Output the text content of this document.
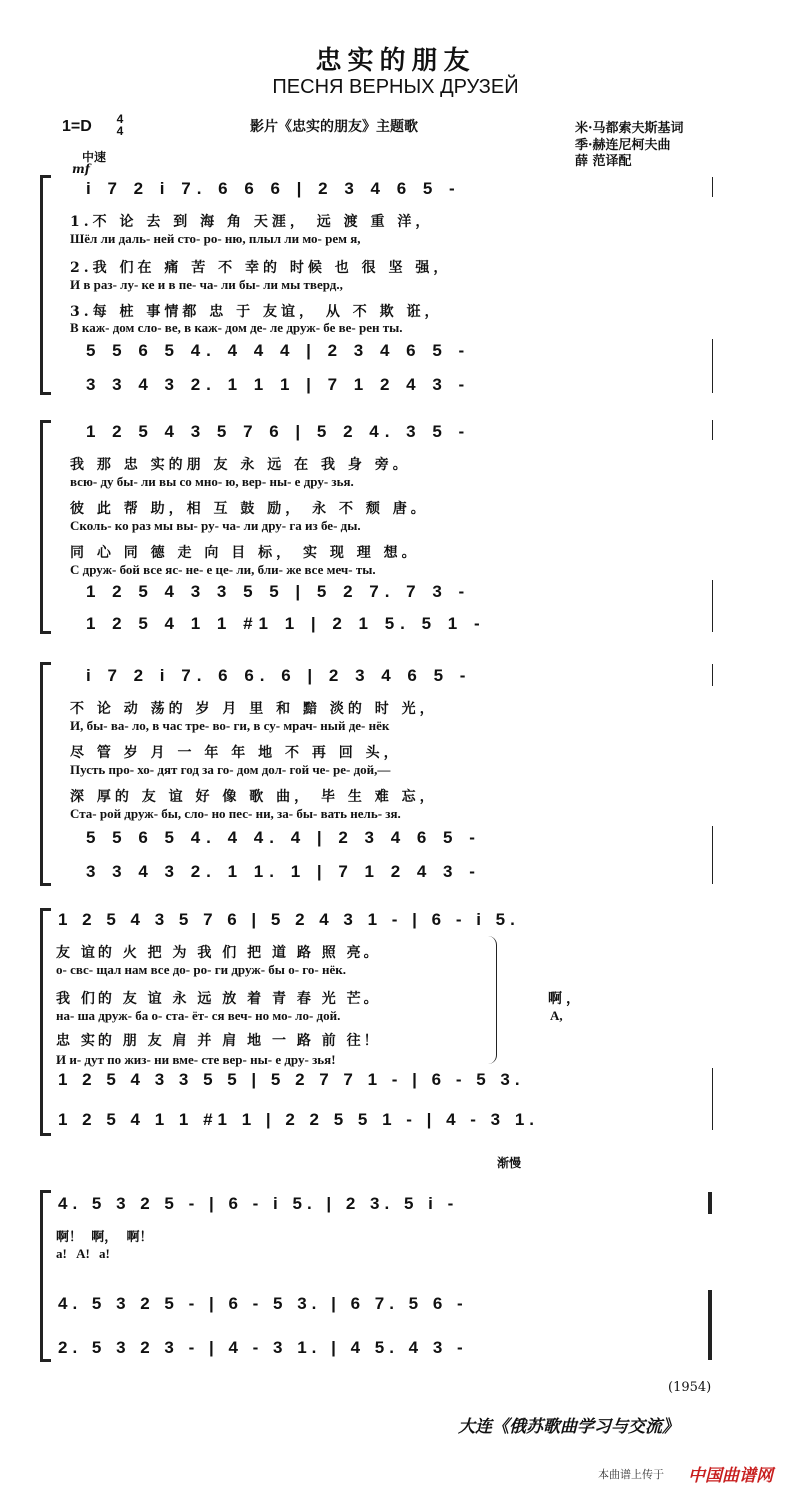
忠实的朋友
ПЕСНЯ ВЕРНЫХ ДРУЗЕЙ
1=D 4
4	影片《忠实的朋友》主题歌	米·马都索夫斯基词
季·赫连尼柯夫曲
薛 范译配
中速
mf
i 7 2 i 7. 6 6 6 | 2 3 4 6 5 -
1.不 论 去 到 海 角 天涯， 远 渡 重 洋，
Шёл ли даль- ней сто- ро- ню, плыл ли мо- рем я,
2.我 们在 痛 苦 不 幸的 时候 也 很 坚 强，
И в раз- лу- ке и в пе- ча- ли бы- ли мы тверд.,
3.每 桩 事情都 忠 于 友谊， 从 不 欺 诳，
В каж- дом сло- ве, в каж- дом де- ле друж- бе ве- рен ты.
5 5 6 5 4. 4 4 4 | 2 3 4 6 5 -
3 3 4 3 2. 1 1 1 | 7 1 2 4 3 -
1 2 5 4 3 5 7 6 | 5 2 4. 3 5 -
我 那 忠 实的朋 友 永 远 在 我 身 旁。
всю- ду бы- ли вы со мно- ю, вер- ны- е дру- зья.
彼 此 帮 助，相 互 鼓 励， 永 不 颓 唐。
Сколь- ко раз мы вы- ру- ча- ли дру- га из бе- ды.
同 心 同 德 走 向 目 标， 实 现 理 想。
С друж- бой все яс- не- е це- ли, бли- же все меч- ты.
1 2 5 4 3 3 5 5 | 5 2 7. 7 3 -
1 2 5 4 1 1 #1 1 | 2 1 5. 5 1 -
i 7 2 i 7. 6 6. 6 | 2 3 4 6 5 -
不 论 动 荡的 岁 月 里 和 黯 淡的 时 光，
И, бы- ва- ло, в час тре- во- ги, в су- мрач- ный де- нёк
尽 管 岁 月 一 年 年 地 不 再 回 头，
Пусть про- хо- дят год за го- дом дол- гой че- ре- дой,—
深 厚的 友 谊 好 像 歌 曲， 毕 生 难 忘，
Ста- рой друж- бы, сло- но пес- ни, за- бы- вать нель- зя.
5 5 6 5 4. 4 4. 4 | 2 3 4 6 5 -
3 3 4 3 2. 1 1. 1 | 7 1 2 4 3 -
1 2 5 4 3 5 7 6 | 5 2 4 3 1 - | 6 - i 5.
友 谊的 火 把 为 我 们 把 道 路 照 亮。
о- свс- щал нам все до- ро- ги друж- бы о- го- нёк.
我 们的 友 谊 永 远 放 着 青 春 光 芒。
на- ша друж- ба о- ста- ёт- ся веч- но мо- ло- дой.
忠 实的 朋 友 肩 并 肩 地 一 路 前 往！
И и- дут по жиз- ни вме- сте вер- ны- е дру- зья!
啊，
А,
1 2 5 4 3 3 5 5 | 5 2 7 7 1 - | 6 - 5 3.
1 2 5 4 1 1 #1 1 | 2 2 5 5 1 - | 4 - 3 1.
渐慢
4. 5 3 2 5 - | 6 - i 5. | 2 3. 5 i -
啊！ 啊， 啊！
а! А! а!
4. 5 3 2 5 - | 6 - 5 3. | 6 7. 5 6 -
2. 5 3 2 3 - | 4 - 3 1. | 4 5. 4 3 -
(1954)
大连《俄苏歌曲学习与交流》
本曲谱上传于 中国曲谱网
